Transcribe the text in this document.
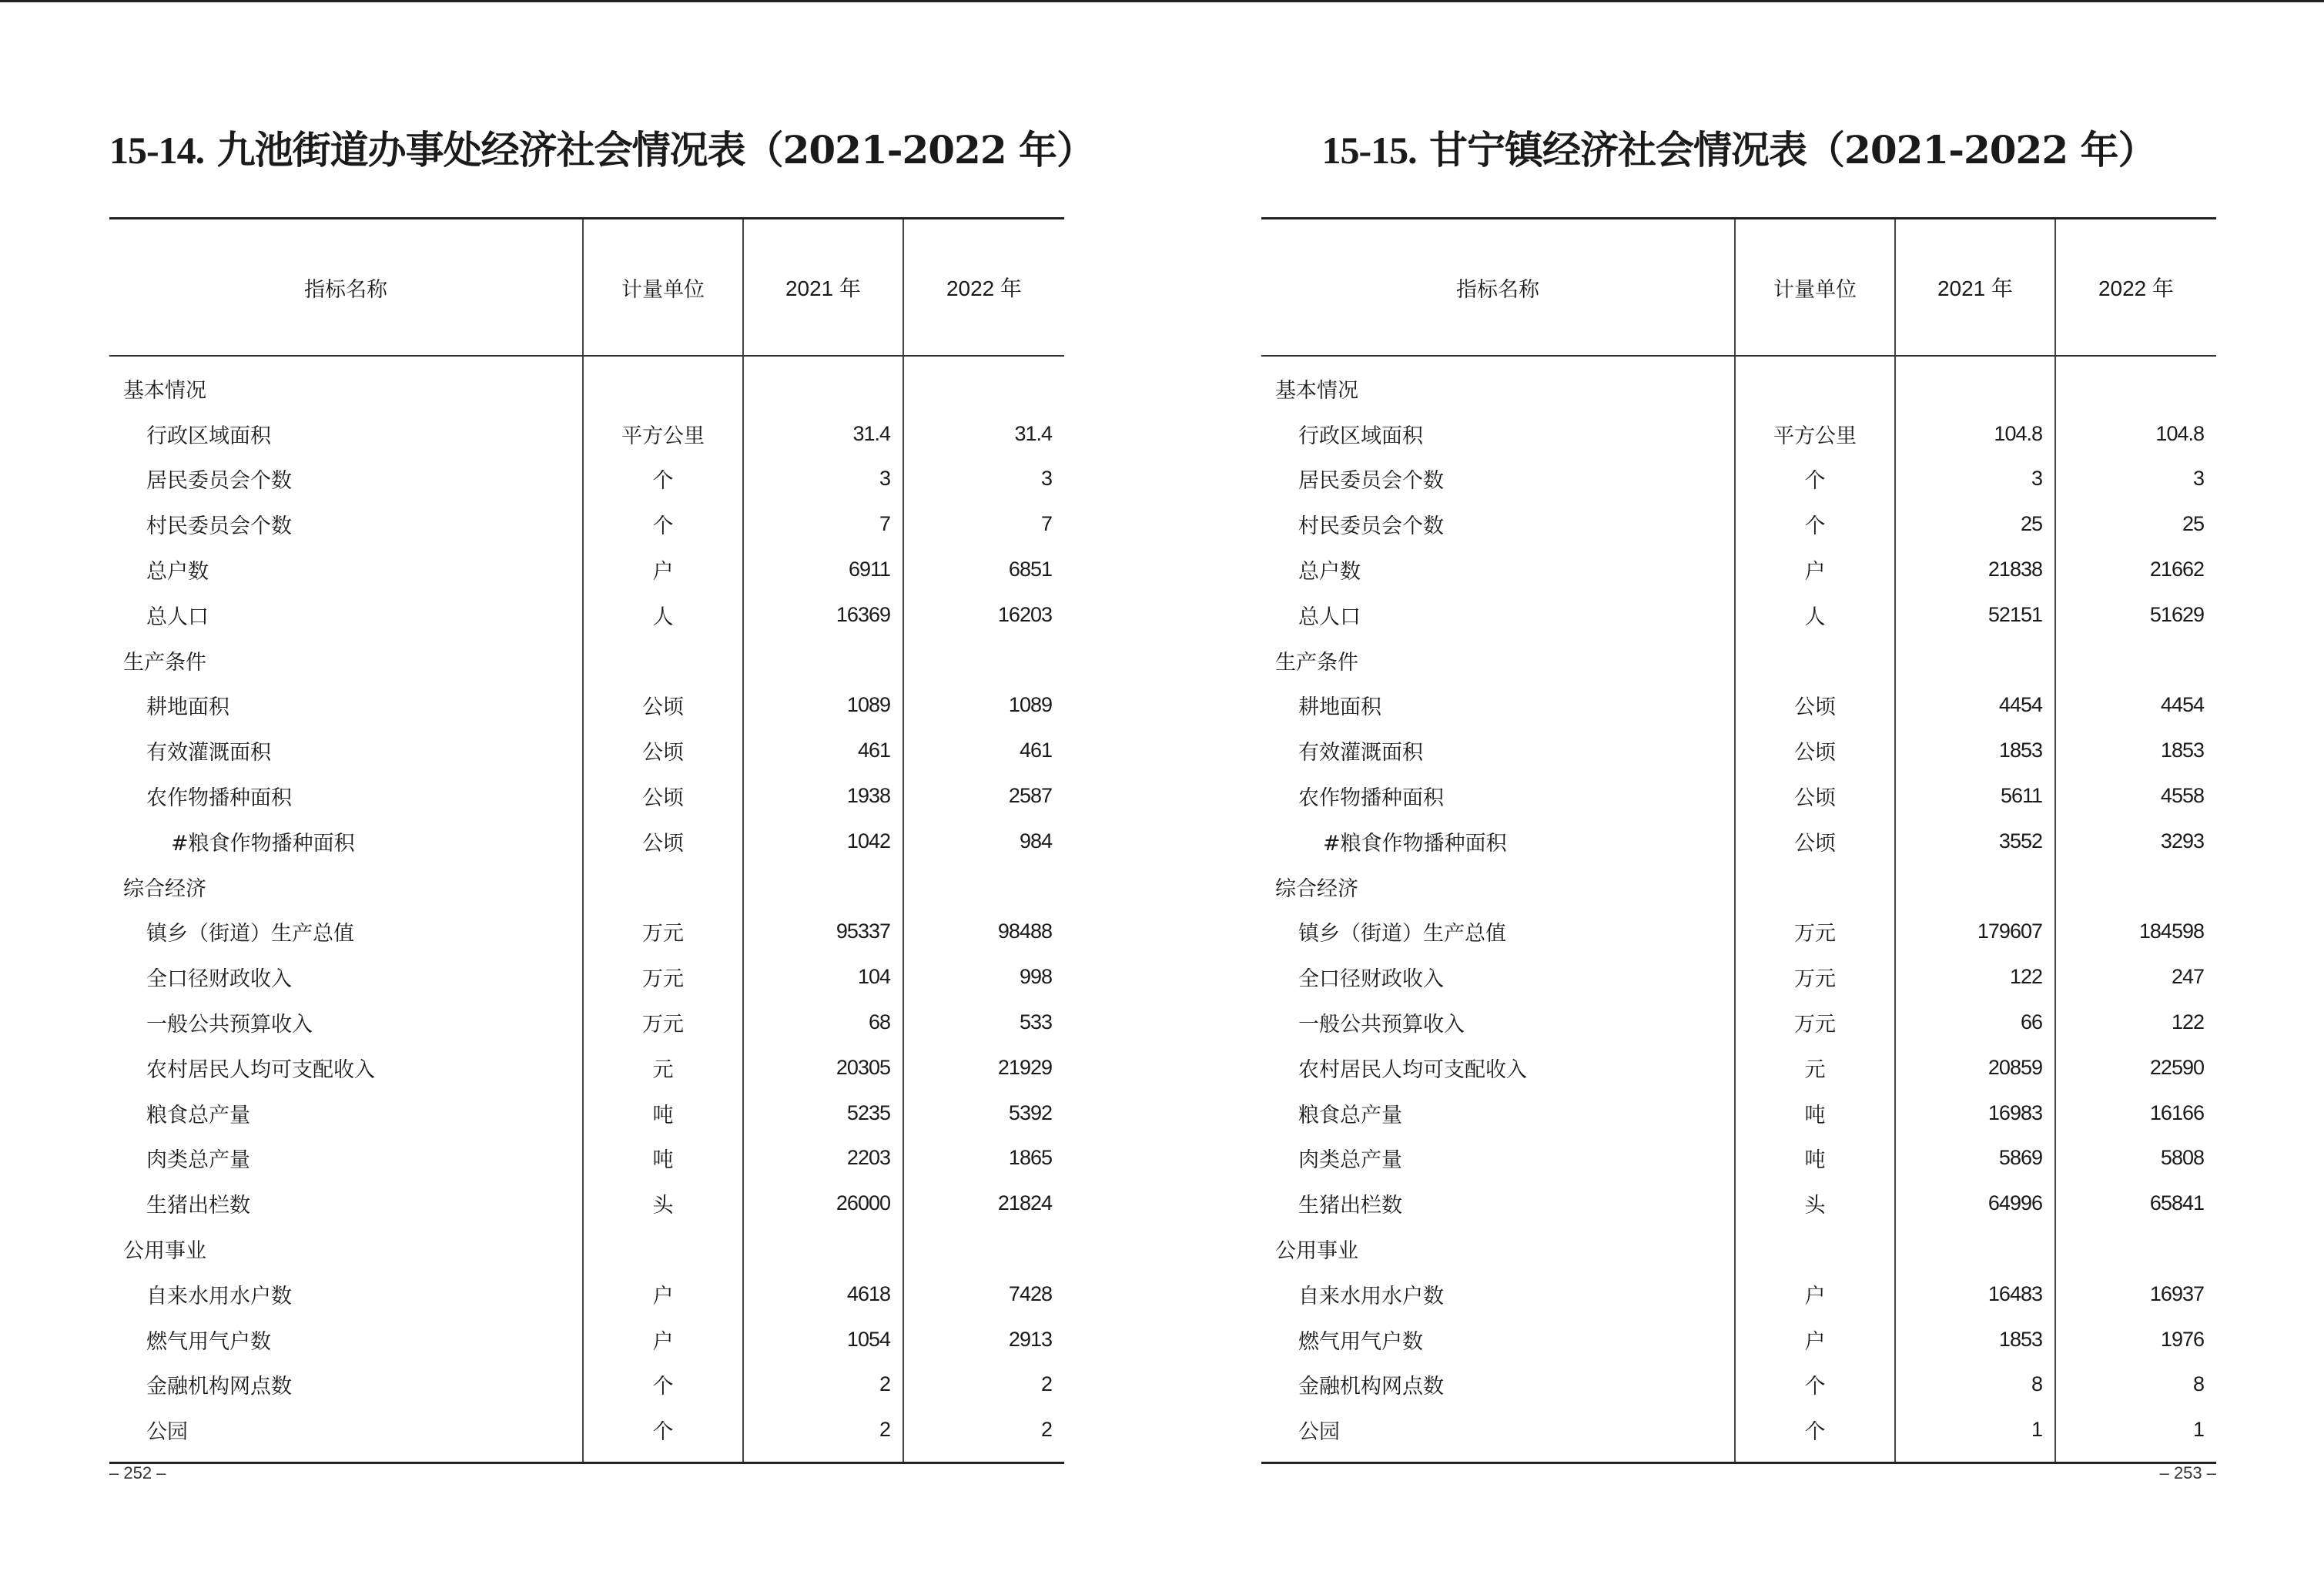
15-14. 九池街道办事处经济社会情况表（2021-2022 年）
指标名称	计量单位	2021 年	2022 年
基本情况			
行政区域面积	平方公里	31.4	31.4
居民委员会个数	个	3	3
村民委员会个数	个	7	7
总户数	户	6911	6851
总人口	人	16369	16203
生产条件			
耕地面积	公顷	1089	1089
有效灌溉面积	公顷	461	461
农作物播种面积	公顷	1938	2587
#粮食作物播种面积	公顷	1042	984
综合经济			
镇乡（街道）生产总值	万元	95337	98488
全口径财政收入	万元	104	998
一般公共预算收入	万元	68	533
农村居民人均可支配收入	元	20305	21929
粮食总产量	吨	5235	5392
肉类总产量	吨	2203	1865
生猪出栏数	头	26000	21824
公用事业			
自来水用水户数	户	4618	7428
燃气用气户数	户	1054	2913
金融机构网点数	个	2	2
公园	个	2	2
– 252 –
15-15. 甘宁镇经济社会情况表（2021-2022 年）
指标名称	计量单位	2021 年	2022 年
基本情况			
行政区域面积	平方公里	104.8	104.8
居民委员会个数	个	3	3
村民委员会个数	个	25	25
总户数	户	21838	21662
总人口	人	52151	51629
生产条件			
耕地面积	公顷	4454	4454
有效灌溉面积	公顷	1853	1853
农作物播种面积	公顷	5611	4558
#粮食作物播种面积	公顷	3552	3293
综合经济			
镇乡（街道）生产总值	万元	179607	184598
全口径财政收入	万元	122	247
一般公共预算收入	万元	66	122
农村居民人均可支配收入	元	20859	22590
粮食总产量	吨	16983	16166
肉类总产量	吨	5869	5808
生猪出栏数	头	64996	65841
公用事业			
自来水用水户数	户	16483	16937
燃气用气户数	户	1853	1976
金融机构网点数	个	8	8
公园	个	1	1
– 253 –
